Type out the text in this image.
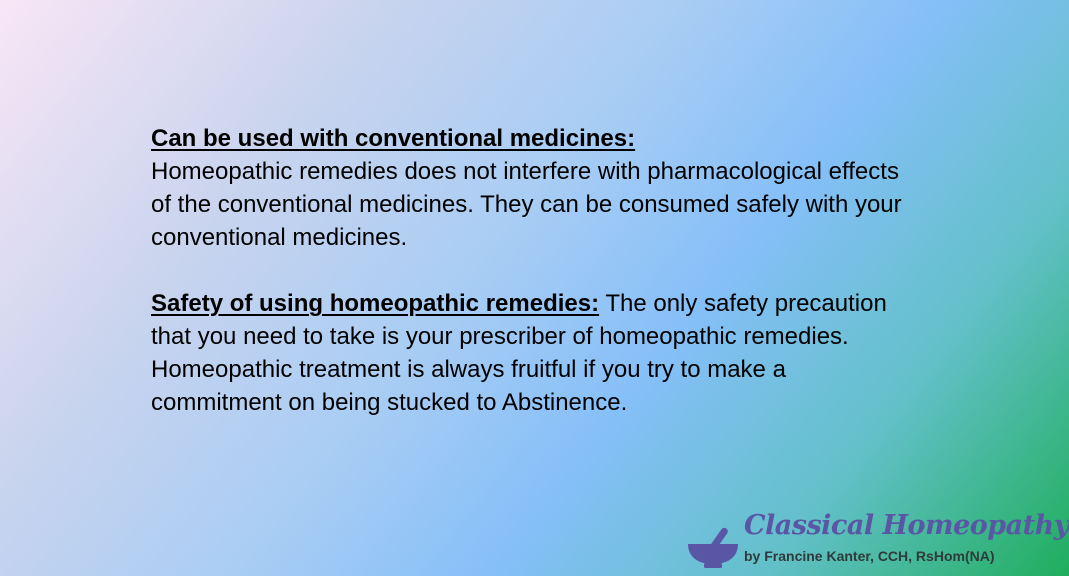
Can be used with conventional medicines:
Homeopathic remedies does not interfere with pharmacological effects of the conventional medicines. They can be consumed safely with your conventional medicines.

Safety of using homeopathic remedies: The only safety precaution that you need to take is your prescriber of homeopathic remedies. Homeopathic treatment is always fruitful if you try to make a commitment on being stucked to Abstinence.

Classical Homeopathy
by Francine Kanter, CCH, RsHom(NA)
